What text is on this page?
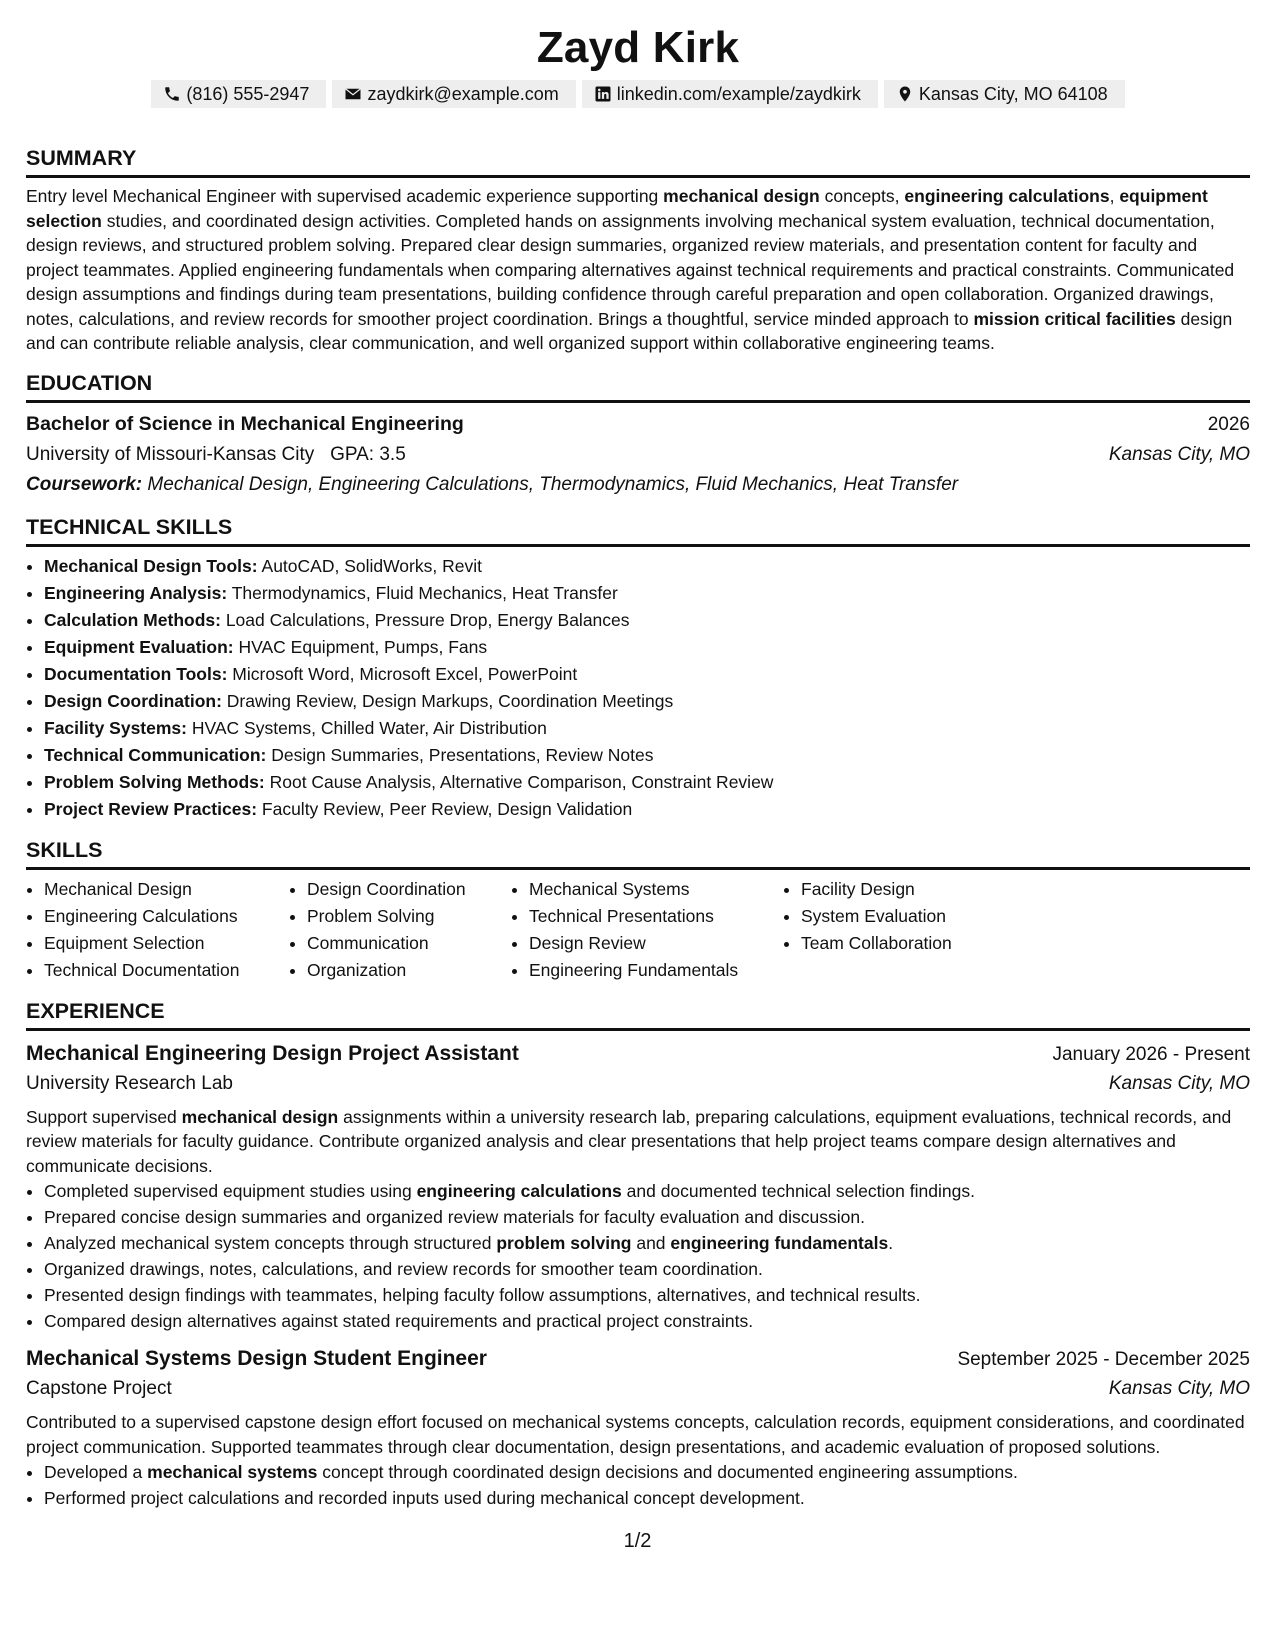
Zayd Kirk
(816) 555-2947	zaydkirk@example.com	linkedin.com/example/zaydkirk	Kansas City, MO 64108
SUMMARY
Entry level Mechanical Engineer with supervised academic experience supporting mechanical design concepts, engineering calculations, equipment selection studies, and coordinated design activities. Completed hands on assignments involving mechanical system evaluation, technical documentation, design reviews, and structured problem solving. Prepared clear design summaries, organized review materials, and presentation content for faculty and project teammates. Applied engineering fundamentals when comparing alternatives against technical requirements and practical constraints. Communicated design assumptions and findings during team presentations, building confidence through careful preparation and open collaboration. Organized drawings, notes, calculations, and review records for smoother project coordination. Brings a thoughtful, service minded approach to mission critical facilities design and can contribute reliable analysis, clear communication, and well organized support within collaborative engineering teams.
EDUCATION
Bachelor of Science in Mechanical Engineering	2026
University of Missouri-Kansas City GPA: 3.5	Kansas City, MO
Coursework: Mechanical Design, Engineering Calculations, Thermodynamics, Fluid Mechanics, Heat Transfer
TECHNICAL SKILLS
• Mechanical Design Tools: AutoCAD, SolidWorks, Revit
• Engineering Analysis: Thermodynamics, Fluid Mechanics, Heat Transfer
• Calculation Methods: Load Calculations, Pressure Drop, Energy Balances
• Equipment Evaluation: HVAC Equipment, Pumps, Fans
• Documentation Tools: Microsoft Word, Microsoft Excel, PowerPoint
• Design Coordination: Drawing Review, Design Markups, Coordination Meetings
• Facility Systems: HVAC Systems, Chilled Water, Air Distribution
• Technical Communication: Design Summaries, Presentations, Review Notes
• Problem Solving Methods: Root Cause Analysis, Alternative Comparison, Constraint Review
• Project Review Practices: Faculty Review, Peer Review, Design Validation
SKILLS
• Mechanical Design
• Engineering Calculations
• Equipment Selection
• Technical Documentation
• Design Coordination
• Problem Solving
• Communication
• Organization
• Mechanical Systems
• Technical Presentations
• Design Review
• Engineering Fundamentals
• Facility Design
• System Evaluation
• Team Collaboration
EXPERIENCE
Mechanical Engineering Design Project Assistant	January 2026 - Present
University Research Lab	Kansas City, MO
Support supervised mechanical design assignments within a university research lab, preparing calculations, equipment evaluations, technical records, and review materials for faculty guidance. Contribute organized analysis and clear presentations that help project teams compare design alternatives and communicate decisions.
• Completed supervised equipment studies using engineering calculations and documented technical selection findings.
• Prepared concise design summaries and organized review materials for faculty evaluation and discussion.
• Analyzed mechanical system concepts through structured problem solving and engineering fundamentals.
• Organized drawings, notes, calculations, and review records for smoother team coordination.
• Presented design findings with teammates, helping faculty follow assumptions, alternatives, and technical results.
• Compared design alternatives against stated requirements and practical project constraints.
Mechanical Systems Design Student Engineer	September 2025 - December 2025
Capstone Project	Kansas City, MO
Contributed to a supervised capstone design effort focused on mechanical systems concepts, calculation records, equipment considerations, and coordinated project communication. Supported teammates through clear documentation, design presentations, and academic evaluation of proposed solutions.
• Developed a mechanical systems concept through coordinated design decisions and documented engineering assumptions.
• Performed project calculations and recorded inputs used during mechanical concept development.
1/2
